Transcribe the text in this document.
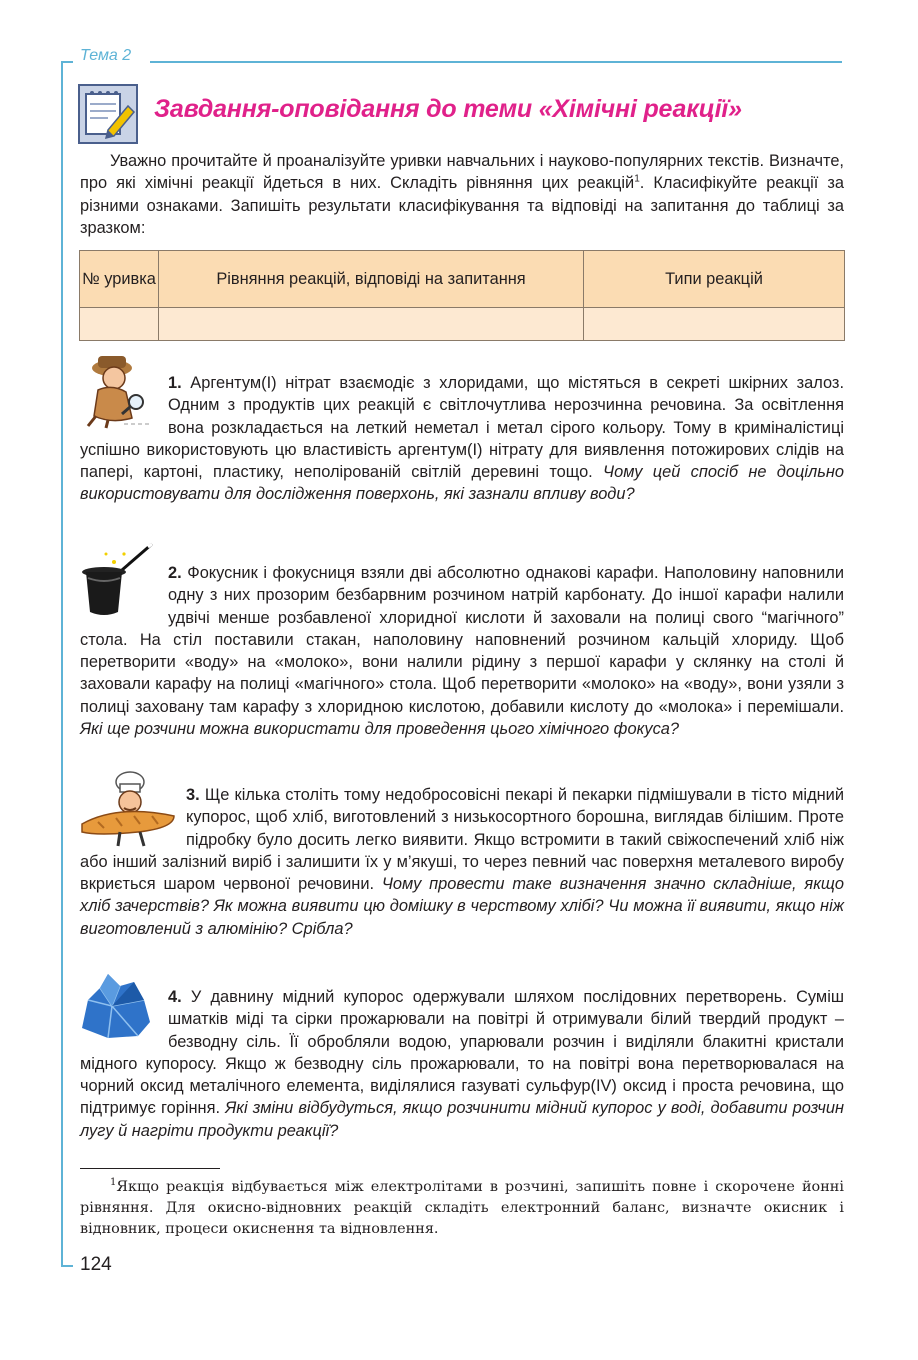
Тема 2
Завдання-оповідання до теми «Хімічні реакції»
Уважно прочитайте й проаналізуйте уривки навчальних і науково-популярних текстів. Визначте, про які хімічні реакції йдеться в них. Складіть рівняння цих реакцій$^1$. Класифікуйте реакції за різними ознаками. Запишіть результати класифікування та відповіді на запитання до таблиці за зразком:
№ уривка	Рівняння реакцій, відповіді на запитання	Типи реакцій

1. Аргентум(І) нітрат взаємодіє з хлоридами, що містяться в секреті шкірних залоз. Одним з продуктів цих реакцій є світлочутлива нерозчинна речовина. За освітлення вона розкладається на леткий неметал і метал сірого кольору. Тому в криміналістиці успішно використовують цю властивість аргентум(І) нітрату для виявлення потожирових слідів на папері, картоні, пластику, неполірованій світлій деревині тощо. Чому цей спосіб не доцільно використовувати для дослідження поверхонь, які зазнали впливу води?
2. Фокусник і фокусниця взяли дві абсолютно однакові карафи. Наполовину наповнили одну з них прозорим безбарвним розчином натрій карбонату. До іншої карафи налили удвічі менше розбавленої хлоридної кислоти й заховали на полиці свого “магічного” стола. На стіл поставили стакан, наполовину наповнений розчином кальцій хлориду. Щоб перетворити «воду» на «молоко», вони налили рідину з першої карафи у склянку на столі й заховали карафу на полиці «магічного» стола. Щоб перетворити «молоко» на «воду», вони узяли з полиці заховану там карафу з хлоридною кислотою, добавили кислоту до «молока» і перемішали. Які ще розчини можна використати для проведення цього хімічного фокуса?
3. Ще кілька століть тому недобросовісні пекарі й пекарки підмішували в тісто мідний купорос, щоб хліб, виготовлений з низькосортного борошна, виглядав білішим. Проте підробку було досить легко виявити. Якщо встромити в такий свіжоспечений хліб ніж або інший залізний виріб і залишити їх у м’якуші, то через певний час поверхня металевого виробу вкриється шаром червоної речовини. Чому провести таке визначення значно складніше, якщо хліб зачерствів? Як можна виявити цю домішку в черствому хлібі? Чи можна її виявити, якщо ніж виготовлений з алюмінію? Срібла?
4. У давнину мідний купорос одержували шляхом послідовних перетворень. Суміш шматків міді та сірки прожарювали на повітрі й отримували білий твердий продукт – безводну сіль. Її обробляли водою, упарювали розчин і виділяли блакитні кристали мідного купоросу. Якщо ж безводну сіль прожарювали, то на повітрі вона перетворювалася на чорний оксид металічного елемента, виділялися газуваті сульфур(IV) оксид і проста речовина, що підтримує горіння. Які зміни відбудуться, якщо розчинити мідний купорос у воді, добавити розчин лугу й нагріти продукти реакції?
$^1$Якщо реакція відбувається між електролітами в розчині, запишіть повне і скорочене йонні рівняння. Для окисно-відновних реакцій складіть електронний баланс, визначте окисник і відновник, процеси окиснення та відновлення.
124
